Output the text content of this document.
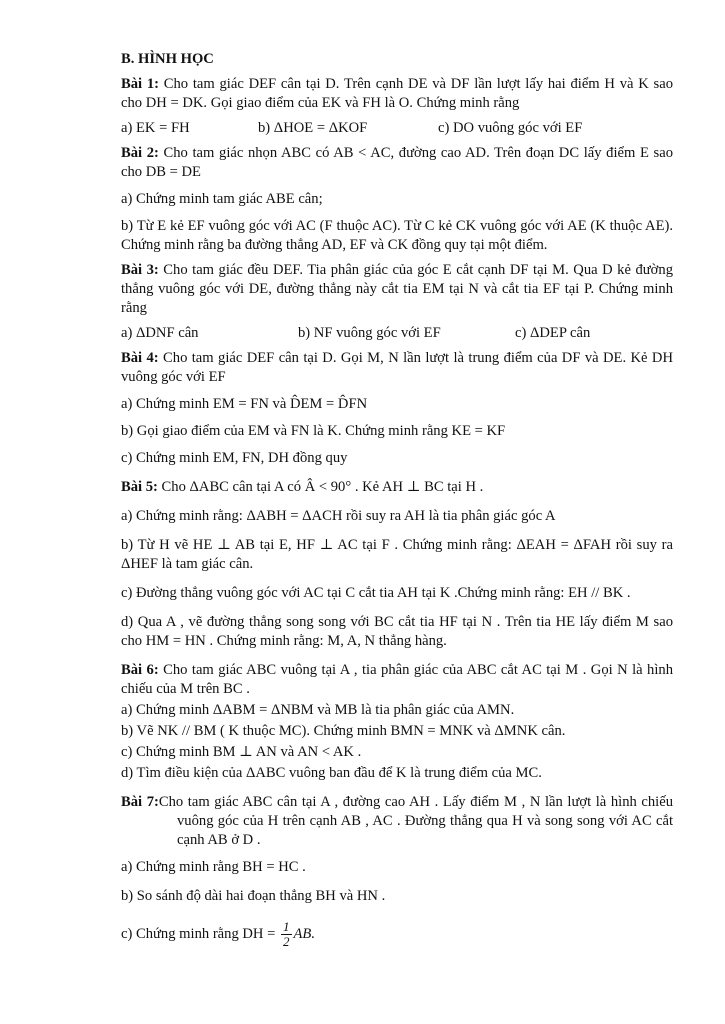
B. HÌNH HỌC

Bài 1: Cho tam giác DEF cân tại D. Trên cạnh DE và DF lần lượt lấy hai điểm H và K sao cho DH = DK. Gọi giao điểm của EK và FH là O. Chứng minh rằng

a) EK = FH	b) ΔHOE = ΔKOF	c) DO vuông góc với EF

Bài 2: Cho tam giác nhọn ABC có AB < AC, đường cao AD. Trên đoạn DC lấy điểm E sao cho DB = DE

a) Chứng minh tam giác ABE cân;

b) Từ E kẻ EF vuông góc với AC (F thuộc AC). Từ C kẻ CK vuông góc với AE (K thuộc AE). Chứng minh rằng ba đường thẳng AD, EF và CK đồng quy tại một điểm.

Bài 3: Cho tam giác đều DEF. Tia phân giác của góc E cắt cạnh DF tại M. Qua D kẻ đường thẳng vuông góc với DE, đường thẳng này cắt tia EM tại N và cắt tia EF tại P. Chứng minh rằng

a) ΔDNF cân	b) NF vuông góc với EF	c) ΔDEP cân

Bài 4: Cho tam giác DEF cân tại D. Gọi M, N lần lượt là trung điểm của DF và DE. Kẻ DH vuông góc với EF

a) Chứng minh EM = FN và D̂EM = D̂FN

b) Gọi giao điểm của EM và FN là K. Chứng minh rằng KE = KF

c) Chứng minh EM, FN, DH đồng quy

Bài 5: Cho ΔABC cân tại A có Â < 90° . Kẻ AH ⊥ BC tại H .

a) Chứng minh rằng: ΔABH = ΔACH rồi suy ra AH là tia phân giác góc A

b) Từ H vẽ HE ⊥ AB tại E, HF ⊥ AC tại F . Chứng minh rằng: ΔEAH = ΔFAH rồi suy ra ΔHEF là tam giác cân.

c) Đường thẳng vuông góc với AC tại C cắt tia AH tại K .Chứng minh rằng: EH // BK .

d) Qua A , vẽ đường thẳng song song với BC cắt tia HF tại N . Trên tia HE lấy điểm M sao cho HM = HN . Chứng minh rằng: M, A, N thẳng hàng.

Bài 6: Cho tam giác ABC vuông tại A , tia phân giác của ABC cắt AC tại M . Gọi N là hình chiếu của M trên BC .

a) Chứng minh ΔABM = ΔNBM và MB là tia phân giác của AMN.

b) Vẽ NK // BM ( K thuộc MC). Chứng minh BMN = MNK và ΔMNK cân.

c) Chứng minh BM ⊥ AN và AN < AK .

d) Tìm điều kiện của ΔABC vuông ban đầu để K là trung điểm của MC.

Bài 7:Cho tam giác ABC cân tại A , đường cao AH . Lấy điểm M , N lần lượt là hình chiếu vuông góc của H trên cạnh AB , AC . Đường thẳng qua H và song song với AC cắt cạnh AB ở D .

a) Chứng minh rằng BH = HC .

b) So sánh độ dài hai đoạn thẳng BH và HN .

c) Chứng minh rằng DH = $\frac{1}{2}$ AB.
